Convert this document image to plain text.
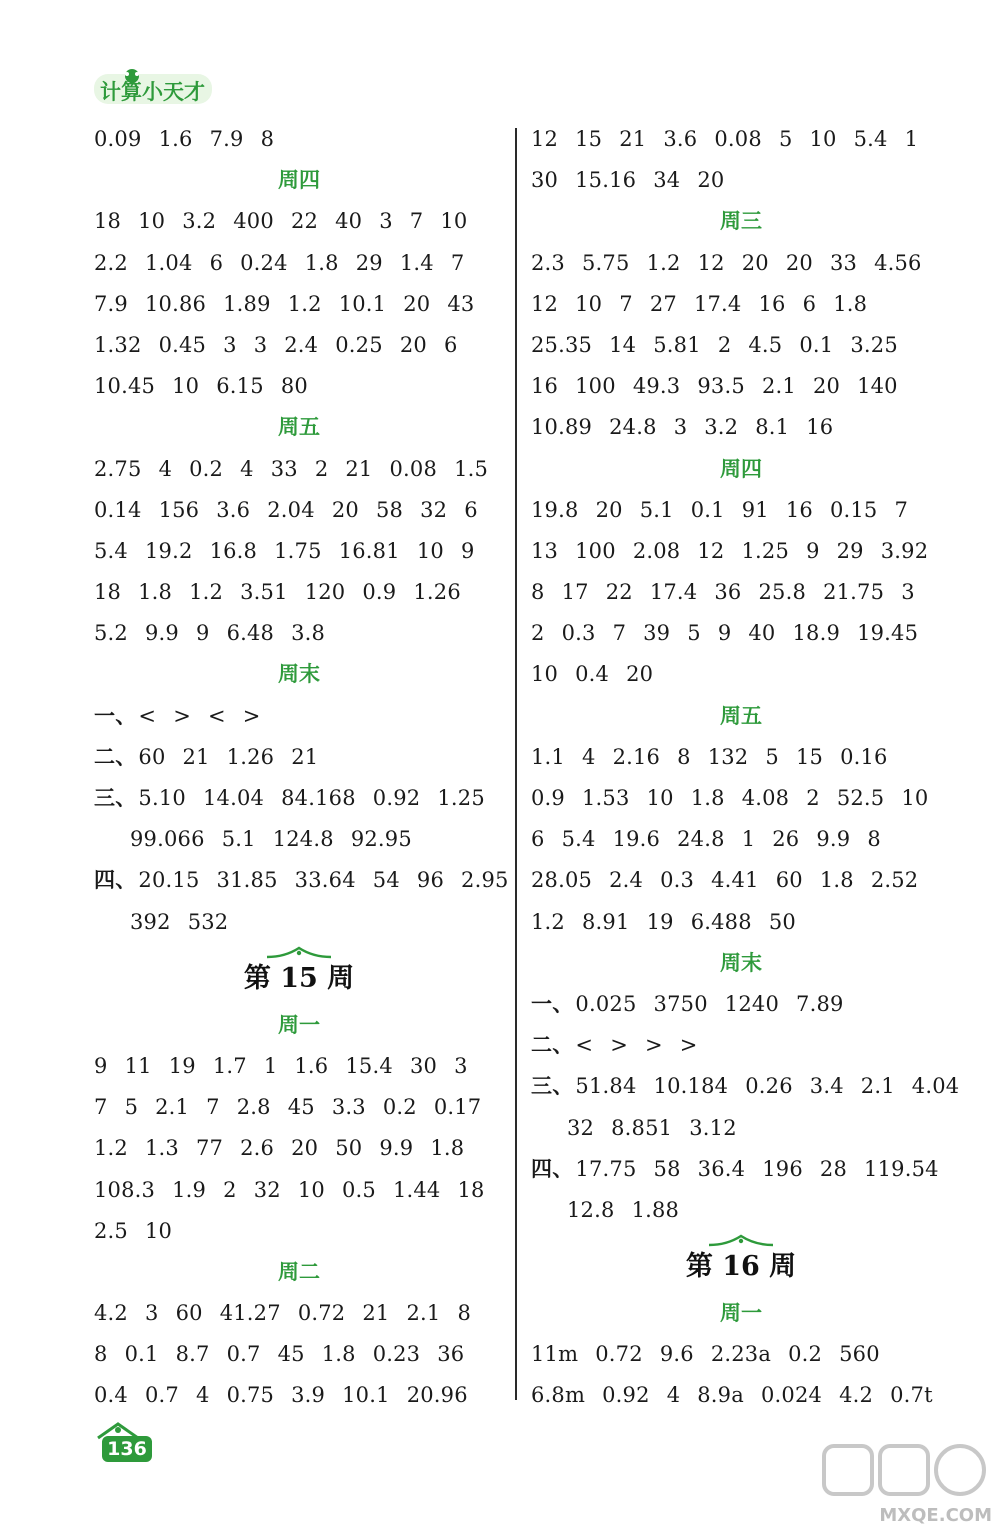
计算小天才
0.09 1.6 7.9 8
周四
18 10 3.2 400 22 40 3 7 10
2.2 1.04 6 0.24 1.8 29 1.4 7
7.9 10.86 1.89 1.2 10.1 20 43
1.32 0.45 3 3 2.4 0.25 20 6
10.45 10 6.15 80
周五
2.75 4 0.2 4 33 2 21 0.08 1.5
0.14 156 3.6 2.04 20 58 32 6
5.4 19.2 16.8 1.75 16.81 10 9
18 1.8 1.2 3.51 120 0.9 1.26
5.2 9.9 9 6.48 3.8
周末
一、< > < >
二、60 21 1.26 21
三、5.10 14.04 84.168 0.92 1.25
99.066 5.1 124.8 92.95
四、20.15 31.85 33.64 54 96 2.95
392 532
第 15 周
周一
9 11 19 1.7 1 1.6 15.4 30 3
7 5 2.1 7 2.8 45 3.3 0.2 0.17
1.2 1.3 77 2.6 20 50 9.9 1.8
108.3 1.9 2 32 10 0.5 1.44 18
2.5 10
周二
4.2 3 60 41.27 0.72 21 2.1 8
8 0.1 8.7 0.7 45 1.8 0.23 36
0.4 0.7 4 0.75 3.9 10.1 20.96
12 15 21 3.6 0.08 5 10 5.4 1
30 15.16 34 20
周三
2.3 5.75 1.2 12 20 20 33 4.56
12 10 7 27 17.4 16 6 1.8
25.35 14 5.81 2 4.5 0.1 3.25
16 100 49.3 93.5 2.1 20 140
10.89 24.8 3 3.2 8.1 16
周四
19.8 20 5.1 0.1 91 16 0.15 7
13 100 2.08 12 1.25 9 29 3.92
8 17 22 17.4 36 25.8 21.75 3
2 0.3 7 39 5 9 40 18.9 19.45
10 0.4 20
周五
1.1 4 2.16 8 132 5 15 0.16
0.9 1.53 10 1.8 4.08 2 52.5 10
6 5.4 19.6 24.8 1 26 9.9 8
28.05 2.4 0.3 4.41 60 1.8 2.52
1.2 8.91 19 6.488 50
周末
一、0.025 3750 1240 7.89
二、< > > >
三、51.84 10.184 0.26 3.4 2.1 4.04
32 8.851 3.12
四、17.75 58 36.4 196 28 119.54
12.8 1.88
第 16 周
周一
11m 0.72 9.6 2.23a 0.2 560
6.8m 0.92 4 8.9a 0.024 4.2 0.7t
136
MXQE.COM
